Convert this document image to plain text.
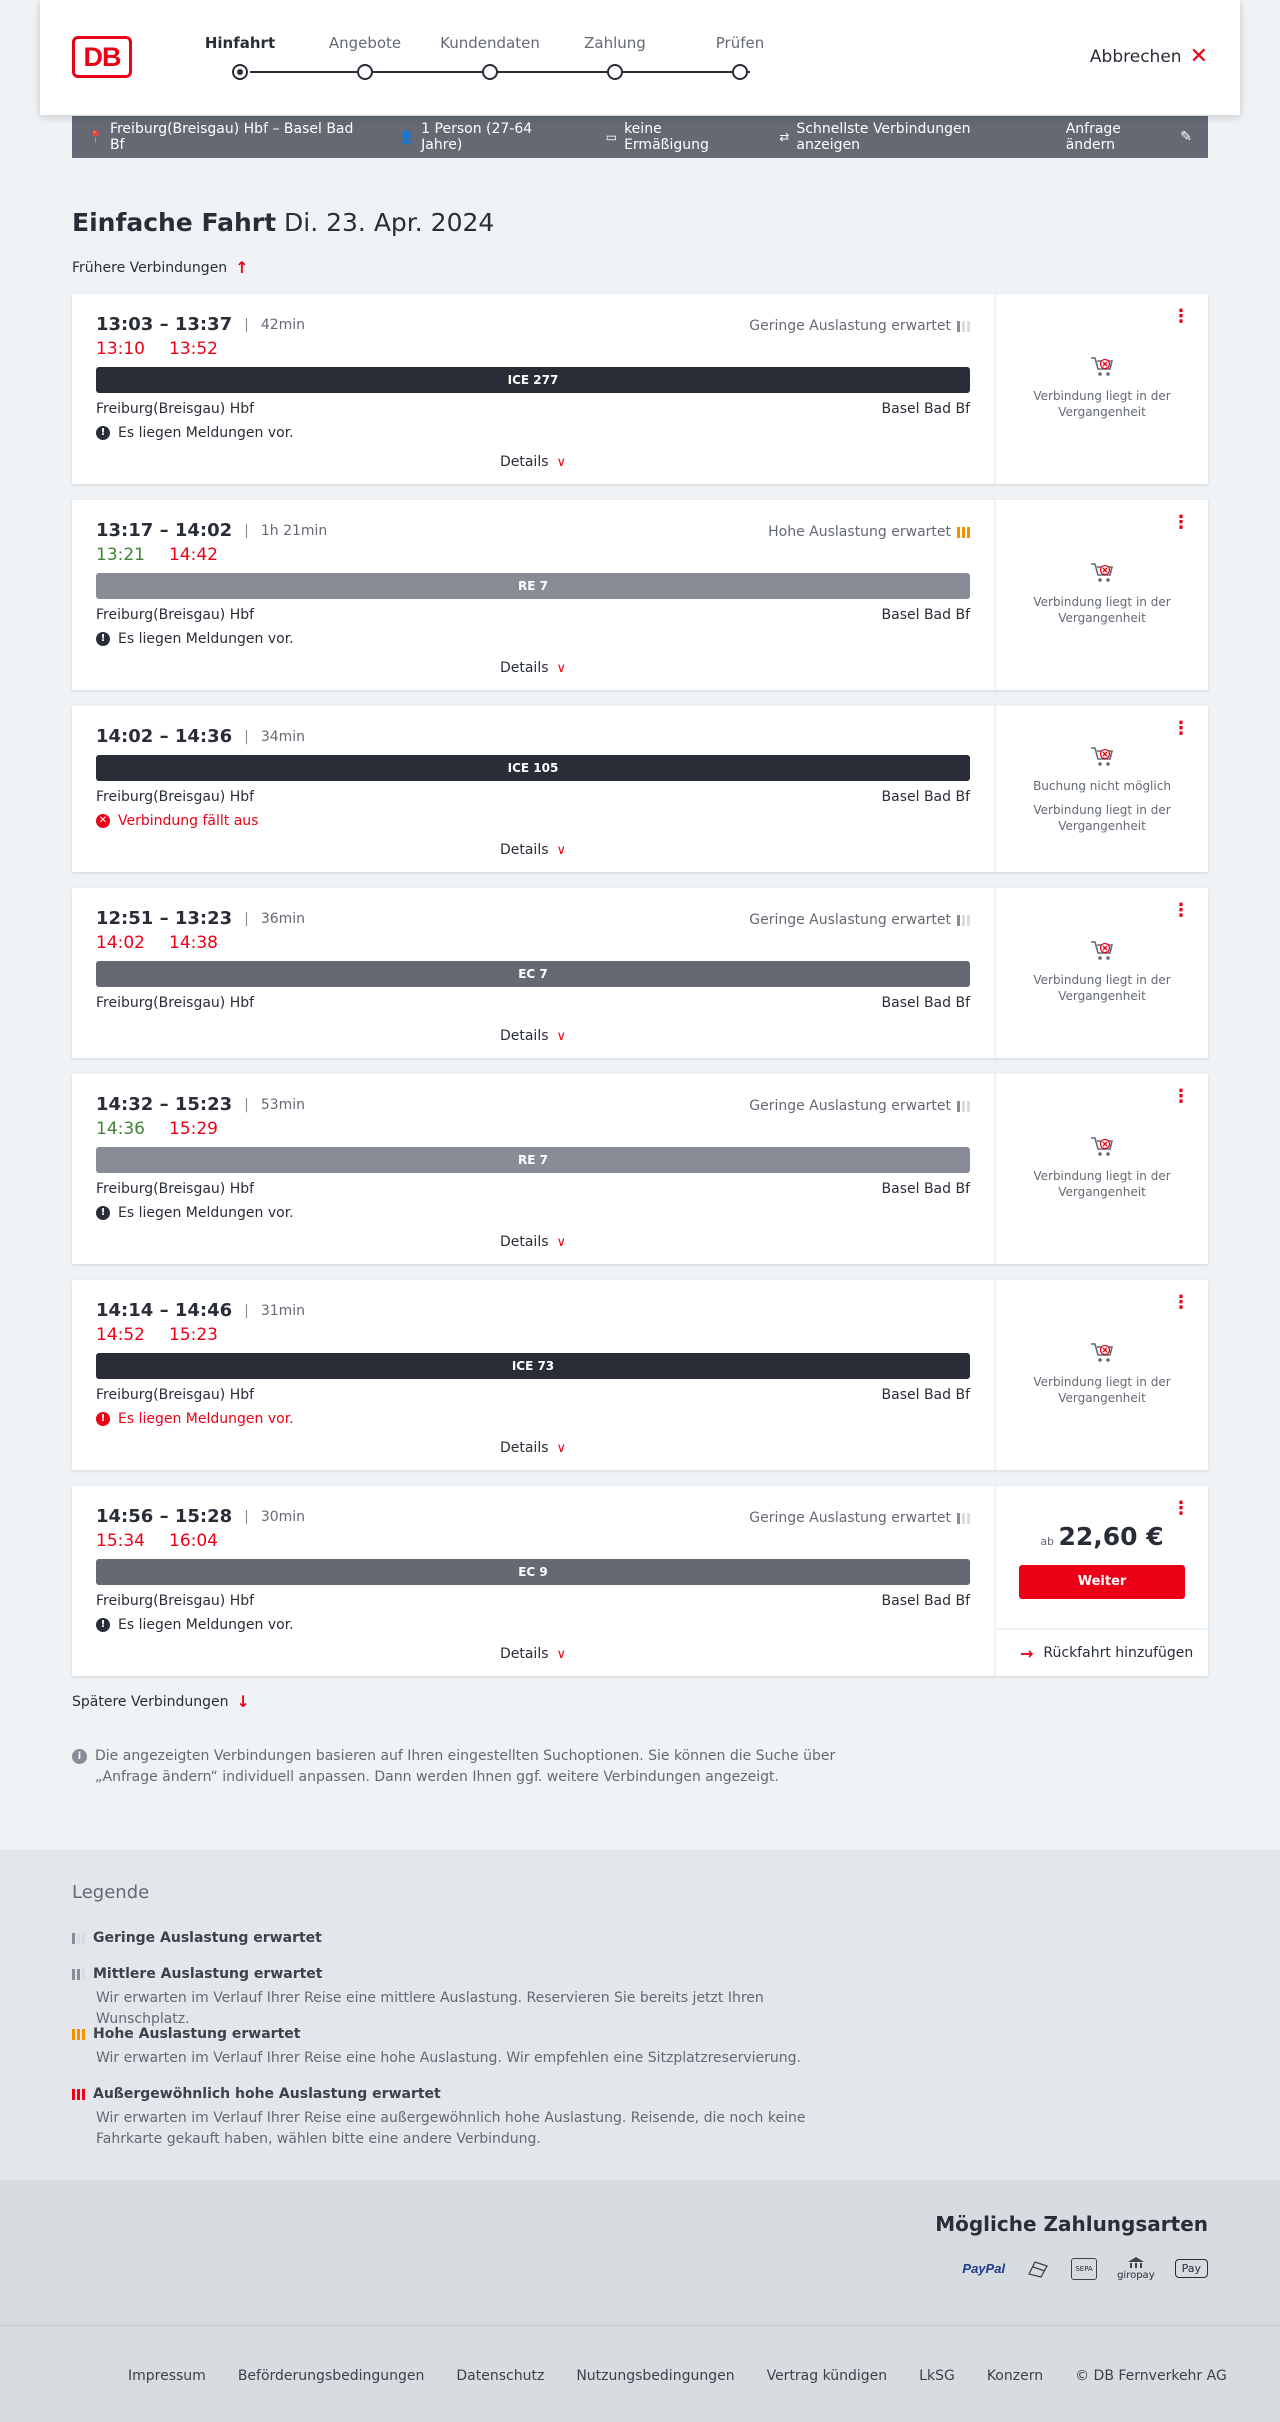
DB	Hinfahrt	Angebote	Kundendaten	Zahlung	Prüfen
Abbrechen ✕
📍 Freiburg(Breisgau) Hbf – Basel Bad Bf	👤 1 Person (27-64 Jahre)	▭ keine Ermäßigung	⇄ Schnellste Verbindungen anzeigen
Anfrage ändern	✎
Einfache Fahrt Di. 23. Apr. 2024
Frühere Verbindungen ↑
13:03 – 13:37 | 42min	Geringe Auslastung erwartet
13:10 13:52
ICE 277
Freiburg(Breisgau) Hbf	Basel Bad Bf
! Es liegen Meldungen vor.
Details ∨
⋮
Verbindung liegt in der Vergangenheit
13:17 – 14:02 | 1h 21min	Hohe Auslastung erwartet
13:21 14:42
RE 7
Freiburg(Breisgau) Hbf	Basel Bad Bf
! Es liegen Meldungen vor.
Details ∨
⋮
Verbindung liegt in der Vergangenheit
14:02 – 14:36 | 34min
ICE 105
Freiburg(Breisgau) Hbf	Basel Bad Bf
✕ Verbindung fällt aus
Details ∨
⋮
Buchung nicht möglich
Verbindung liegt in der Vergangenheit
12:51 – 13:23 | 36min	Geringe Auslastung erwartet
14:02 14:38
EC 7
Freiburg(Breisgau) Hbf	Basel Bad Bf
Details ∨
⋮
Verbindung liegt in der Vergangenheit
14:32 – 15:23 | 53min	Geringe Auslastung erwartet
14:36 15:29
RE 7
Freiburg(Breisgau) Hbf	Basel Bad Bf
! Es liegen Meldungen vor.
Details ∨
⋮
Verbindung liegt in der Vergangenheit
14:14 – 14:46 | 31min
14:52 15:23
ICE 73
Freiburg(Breisgau) Hbf	Basel Bad Bf
! Es liegen Meldungen vor.
Details ∨
⋮
Verbindung liegt in der Vergangenheit
14:56 – 15:28 | 30min	Geringe Auslastung erwartet
15:34 16:04
EC 9
Freiburg(Breisgau) Hbf	Basel Bad Bf
! Es liegen Meldungen vor.
Details ∨
⋮
ab 22,60 €
Weiter
→ Rückfahrt hinzufügen
Spätere Verbindungen ↓
i Die angezeigten Verbindungen basieren auf Ihren eingestellten Suchoptionen. Sie können die Suche über „Anfrage ändern“ individuell anpassen. Dann werden Ihnen ggf. weitere Verbindungen angezeigt.
Legende
Geringe Auslastung erwartet
Mittlere Auslastung erwartet
Wir erwarten im Verlauf Ihrer Reise eine mittlere Auslastung. Reservieren Sie bereits jetzt Ihren Wunschplatz.
Hohe Auslastung erwartet
Wir erwarten im Verlauf Ihrer Reise eine hohe Auslastung. Wir empfehlen eine Sitzplatzreservierung.
Außergewöhnlich hohe Auslastung erwartet
Wir erwarten im Verlauf Ihrer Reise eine außergewöhnlich hohe Auslastung. Reisende, die noch keine Fahrkarte gekauft haben, wählen bitte eine andere Verbindung.
Mögliche Zahlungsarten
PayPal	SEPA
giropay
Pay
Impressum Beförderungsbedingungen Datenschutz Nutzungsbedingungen Vertrag kündigen LkSG Konzern © DB Fernverkehr AG
